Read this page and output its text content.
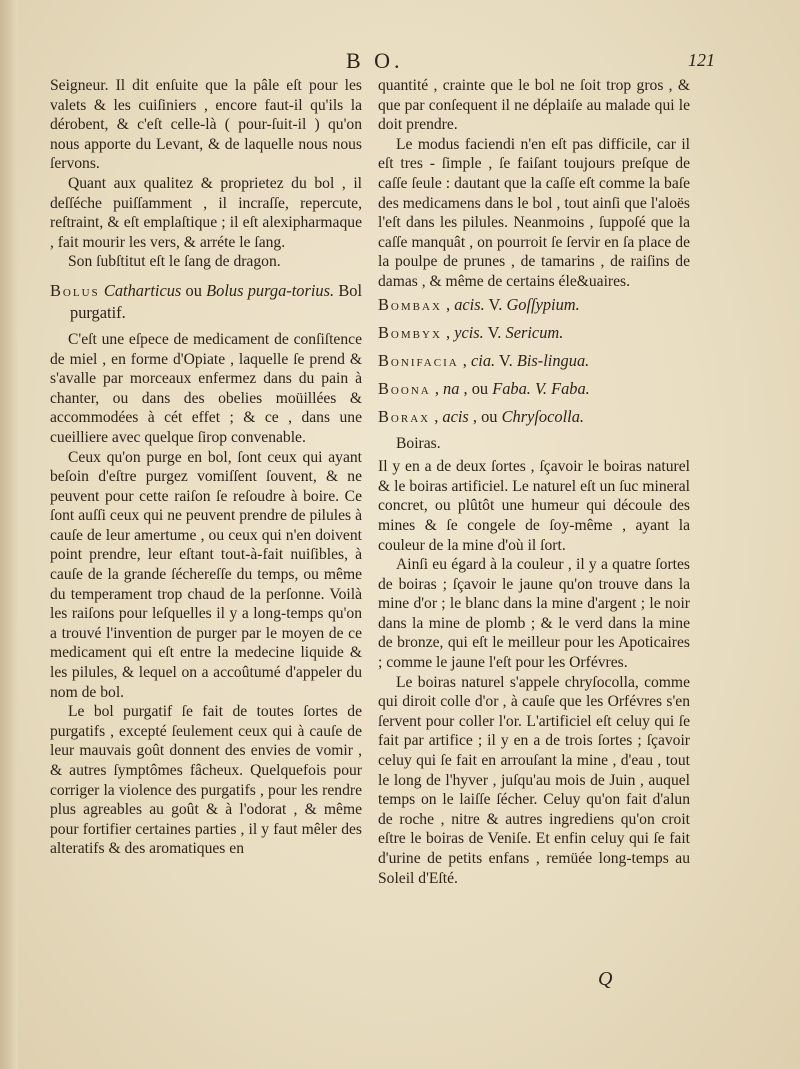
B O.	121

Seigneur. Il dit enſuite que la pâle eſt pour les valets & les cuiſiniers , encore faut-il qu'ils la dérobent, & c'eſt celle-là ( pour-ſuit-il ) qu'on nous apporte du Levant, & de laquelle nous nous ſervons.

Quant aux qualitez & proprietez du bol , il deſſéche puiſſamment , il incraſſe, repercute, reſtraint, & eſt emplaſtique ; il eſt alexipharmaque , fait mourir les vers, & arréte le ſang.

Son ſubſtitut eſt le ſang de dragon.

Bolus Catharticus ou Bolus purga-torius. Bol purgatif.

C'eſt une eſpece de medicament de conſiſtence de miel , en forme d'Opiate , laquelle ſe prend & s'avalle par morceaux enfermez dans du pain à chanter, ou dans des obelies moüillées & accommodées à cét effet ; & ce , dans une cueilliere avec quelque ſirop convenable.

Ceux qu'on purge en bol, ſont ceux qui ayant beſoin d'eſtre purgez vomiſſent ſouvent, & ne peuvent pour cette raiſon ſe reſoudre à boire. Ce ſont auſſi ceux qui ne peuvent prendre de pilules à cauſe de leur amertume , ou ceux qui n'en doivent point prendre, leur eſtant tout-à-fait nuiſibles, à cauſe de la grande ſéchereſſe du temps, ou même du temperament trop chaud de la perſonne. Voilà les raiſons pour leſquelles il y a long-temps qu'on a trouvé l'invention de purger par le moyen de ce medicament qui eſt entre la medecine liquide & les pilules, & lequel on a accoûtumé d'appeler du nom de bol.

Le bol purgatif ſe fait de toutes ſortes de purgatifs , excepté ſeulement ceux qui à cauſe de leur mauvais goût donnent des envies de vomir , & autres ſymptômes fâcheux. Quelquefois pour corriger la violence des purgatifs , pour les rendre plus agreables au goût & à l'odorat , & même pour fortifier certaines parties , il y faut mêler des alteratifs & des aromatiques en

quantité , crainte que le bol ne ſoit trop gros , & que par conſequent il ne déplaiſe au malade qui le doit prendre.

Le modus faciendi n'en eſt pas difficile, car il eſt tres - ſimple , ſe faiſant toujours preſque de caſſe ſeule : dautant que la caſſe eſt comme la baſe des medicamens dans le bol , tout ainſi que l'aloës l'eſt dans les pilules. Neanmoins , ſuppoſé que la caſſe manquât , on pourroit ſe ſervir en ſa place de la poulpe de prunes , de tamarins , de raiſins de damas , & même de certains éle&uaires.

Bombax , acis. V. Goſſypium.
Bombyx , ycis. V. Sericum.
Bonifacia , cia. V. Bis-lingua.
Boona , na , ou Faba. V. Faba.
Borax , acis , ou Chryſocolla.
Boiras.

Il y en a de deux ſortes , ſçavoir le boiras naturel & le boiras artificiel. Le naturel eſt un ſuc mineral concret, ou plûtôt une humeur qui découle des mines & ſe congele de ſoy-même , ayant la couleur de la mine d'où il ſort.

Ainſi eu égard à la couleur , il y a quatre ſortes de boiras ; ſçavoir le jaune qu'on trouve dans la mine d'or ; le blanc dans la mine d'argent ; le noir dans la mine de plomb ; & le verd dans la mine de bronze, qui eſt le meilleur pour les Apoticaires ; comme le jaune l'eſt pour les Orfévres.

Le boiras naturel s'appele chryſocolla, comme qui diroit colle d'or , à cauſe que les Orfévres s'en ſervent pour coller l'or. L'artificiel eſt celuy qui ſe fait par artifice ; il y en a de trois ſortes ; ſçavoir celuy qui ſe fait en arrouſant la mine , d'eau , tout le long de l'hyver , juſqu'au mois de Juin , auquel temps on le laiſſe ſécher. Celuy qu'on fait d'alun de roche , nitre & autres ingrediens qu'on croit eſtre le boiras de Veniſe. Et enfin celuy qui ſe fait d'urine de petits enfans , remüée long-temps au Soleil d'Eſté.

Q
